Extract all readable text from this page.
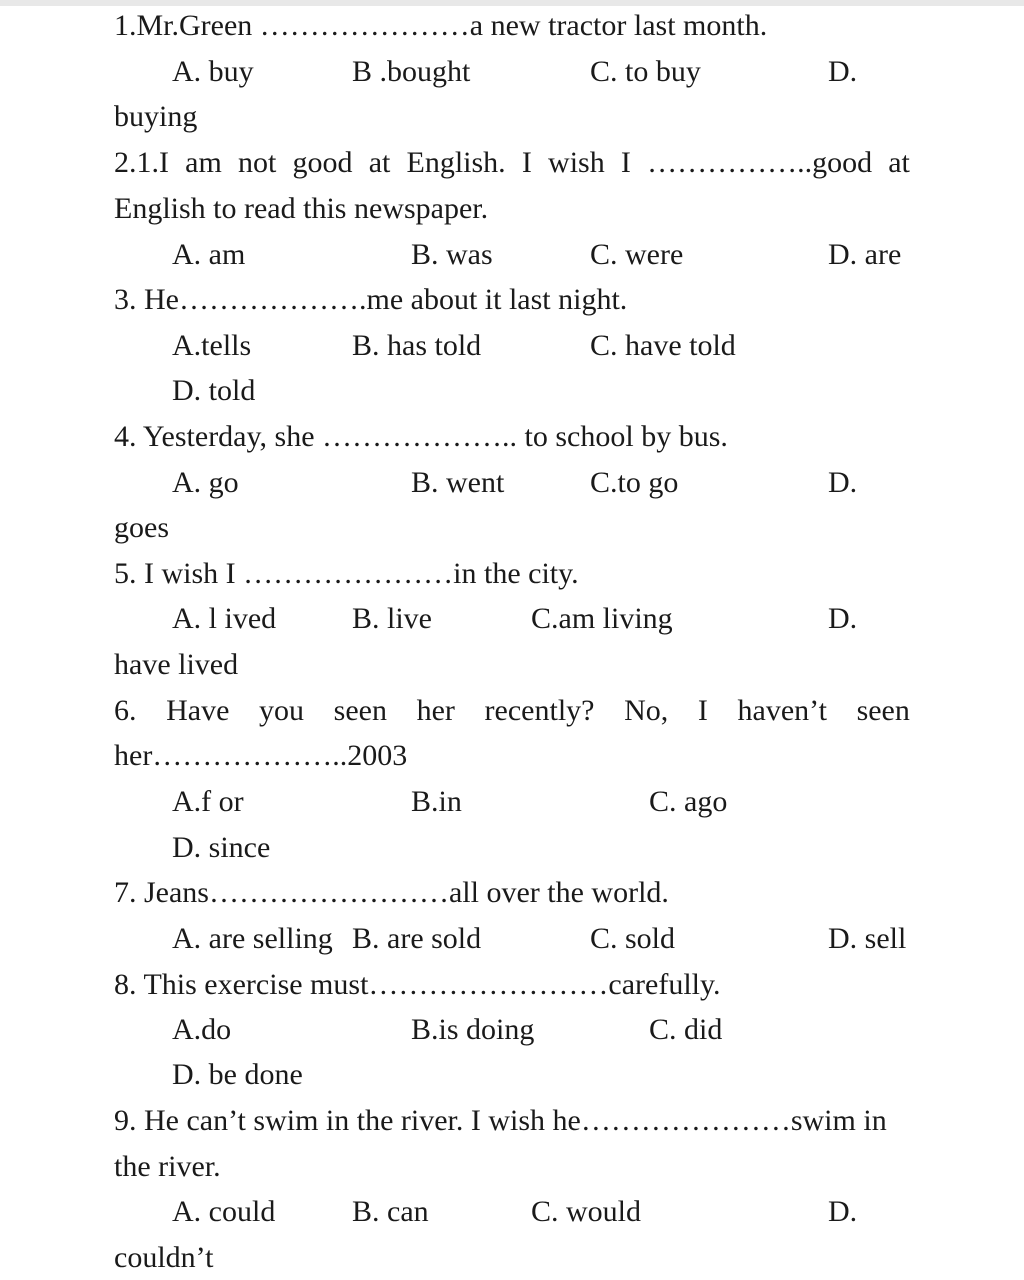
1.Mr.Green …………………a new tractor last month.
A. buy	B .bought	C. to buy	D.
buying
2.1.I am not good at English. I wish I ……………..good at
English to read this newspaper.
A. am	B. was	C. were	D. are
3. He……………….me about it last night.
A.tells	B. has told	C. have told
D. told
4. Yesterday, she ……………….. to school by bus.
A. go	B. went	C.to go	D.
goes
5. I wish I …………………in the city.
A. l ived	B. live	C.am living	D.
have lived
6. Have you seen her recently? No, I haven’t seen
her………………..2003
A.f or	B.in	C. ago
D. since
7. Jeans……………………all over the world.
A. are selling B. are sold	C. sold	D. sell
8. This exercise must……………………carefully.
A.do	B.is doing	C. did
D. be done
9. He can’t swim in the river. I wish he…………………swim in
the river.
A. could	B. can	C. would	D.
couldn’t
